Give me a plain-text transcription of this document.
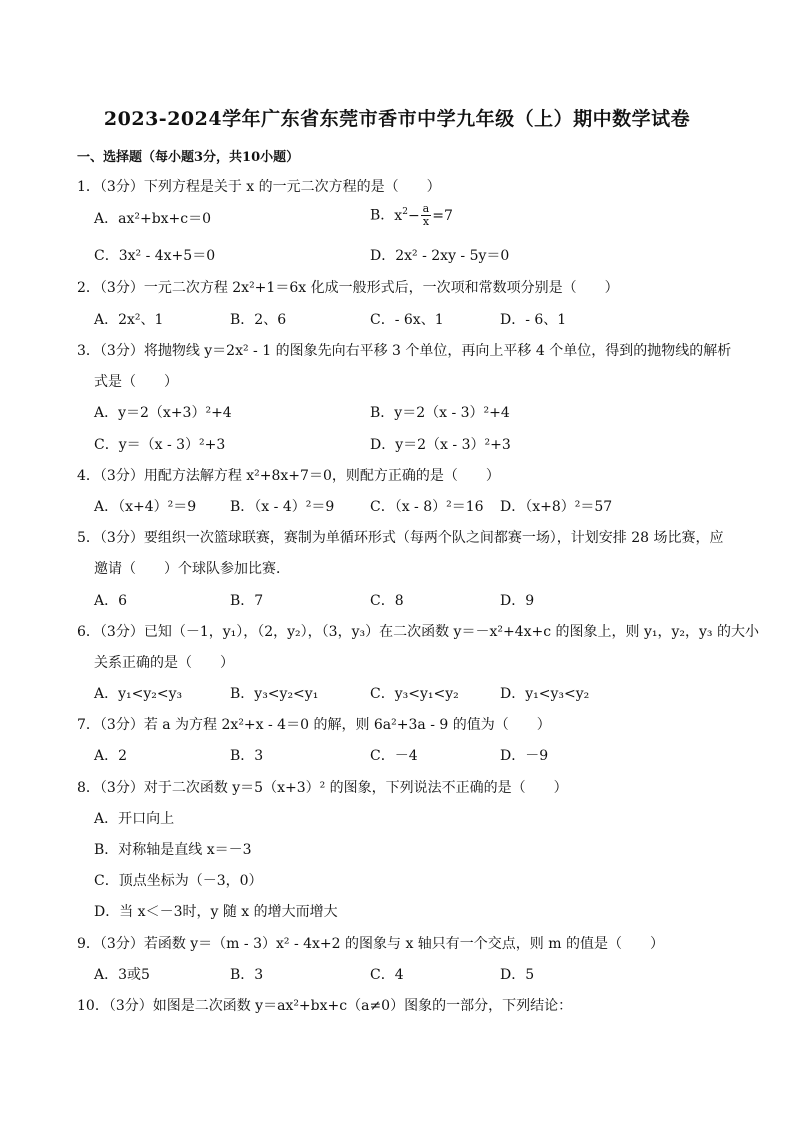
2023-2024学年广东省东莞市香市中学九年级（上）期中数学试卷
一、选择题（每小题3分，共10小题）
1．（3分）下列方程是关于 x 的一元二次方程的是（　　）
A．ax²+bx+c＝0	B．$x^2- \frac{a}{x} =7$
C．3x² - 4x+5＝0	D．2x² - 2xy - 5y＝0
2．（3分）一元二次方程 2x²+1＝6x 化成一般形式后，一次项和常数项分别是（　　）
A．2x²、1	B．2、6	C．- 6x、1	D．- 6、1
3．（3分）将抛物线 y＝2x² - 1 的图象先向右平移 3 个单位，再向上平移 4 个单位，得到的抛物线的解析
式是（　　）
A．y＝2（x+3）²+4	B．y＝2（x - 3）²+4
C．y＝（x - 3）²+3	D．y＝2（x - 3）²+3
4．（3分）用配方法解方程 x²+8x+7＝0，则配方正确的是（　　）
A．（x+4）²＝9 B．（x - 4）²＝9	C．（x - 8）²＝16 D．（x+8）²＝57
5．（3分）要组织一次篮球联赛，赛制为单循环形式（每两个队之间都赛一场），计划安排 28 场比赛，应
邀请（　　）个球队参加比赛．
A．6	B．7	C．8	D．9
6．（3分）已知（－1，y₁），（2，y₂），（3，y₃）在二次函数 y＝－x²+4x+c 的图象上，则 y₁，y₂，y₃ 的大小
关系正确的是（　　）
A．y₁<y₂<y₃	B．y₃<y₂<y₁	C．y₃<y₁<y₂	D．y₁<y₃<y₂
7．（3分）若 a 为方程 2x²+x - 4＝0 的解，则 6a²+3a - 9 的值为（　　）
A．2	B．3	C．－4	D．－9
8．（3分）对于二次函数 y＝5（x+3）² 的图象，下列说法不正确的是（　　）
A．开口向上
B．对称轴是直线 x＝－3
C．顶点坐标为（－3，0）
D．当 x＜－3时，y 随 x 的增大而增大
9．（3分）若函数 y＝（m - 3）x² - 4x+2 的图象与 x 轴只有一个交点，则 m 的值是（　　）
A．3或5	B．3	C．4	D．5
10．（3分）如图是二次函数 y＝ax²+bx+c（a≠0）图象的一部分，下列结论：
